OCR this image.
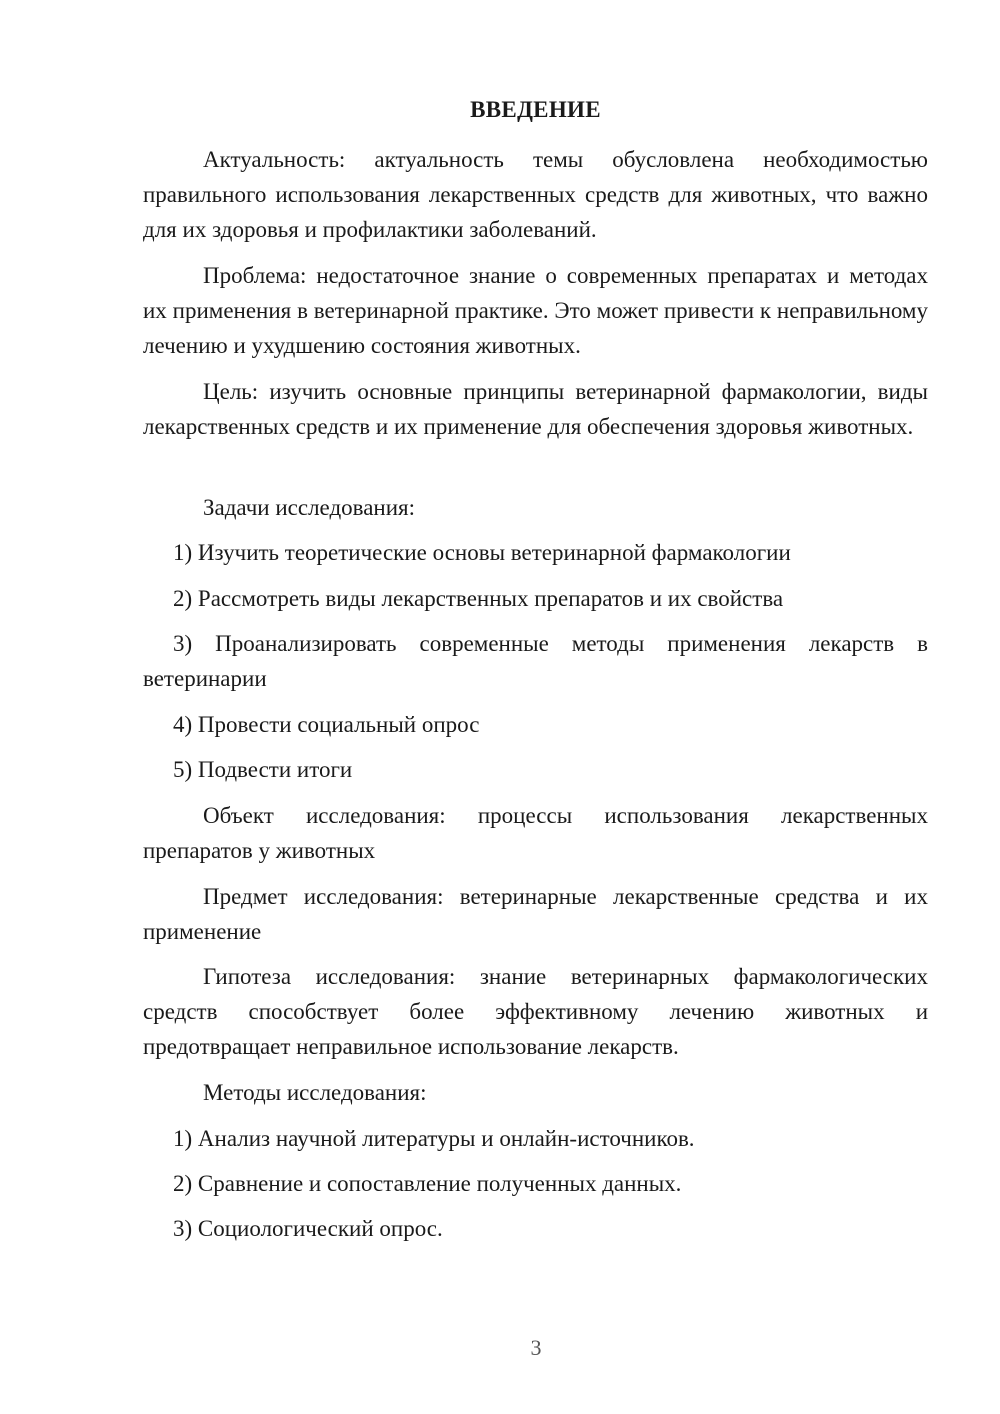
ВВЕДЕНИЕ

Актуальность: актуальность темы обусловлена необходимостью правильного использования лекарственных средств для животных, что важно для их здоровья и профилактики заболеваний.

Проблема: недостаточное знание о современных препаратах и методах их применения в ветеринарной практике. Это может привести к неправильному лечению и ухудшению состояния животных.

Цель: изучить основные принципы ветеринарной фармакологии, виды лекарственных средств и их применение для обеспечения здоровья животных.

Задачи исследования:

1) Изучить теоретические основы ветеринарной фармакологии

2) Рассмотреть виды лекарственных препаратов и их свойства

3) Проанализировать современные методы применения лекарств в ветеринарии

4) Провести социальный опрос

5) Подвести итоги

Объект исследования: процессы использования лекарственных препаратов у животных

Предмет исследования: ветеринарные лекарственные средства и их применение

Гипотеза исследования: знание ветеринарных фармакологических средств способствует более эффективному лечению животных и предотвращает неправильное использование лекарств.

Методы исследования:

1) Анализ научной литературы и онлайн-источников.

2) Сравнение и сопоставление полученных данных.

3) Социологический опрос.

3
